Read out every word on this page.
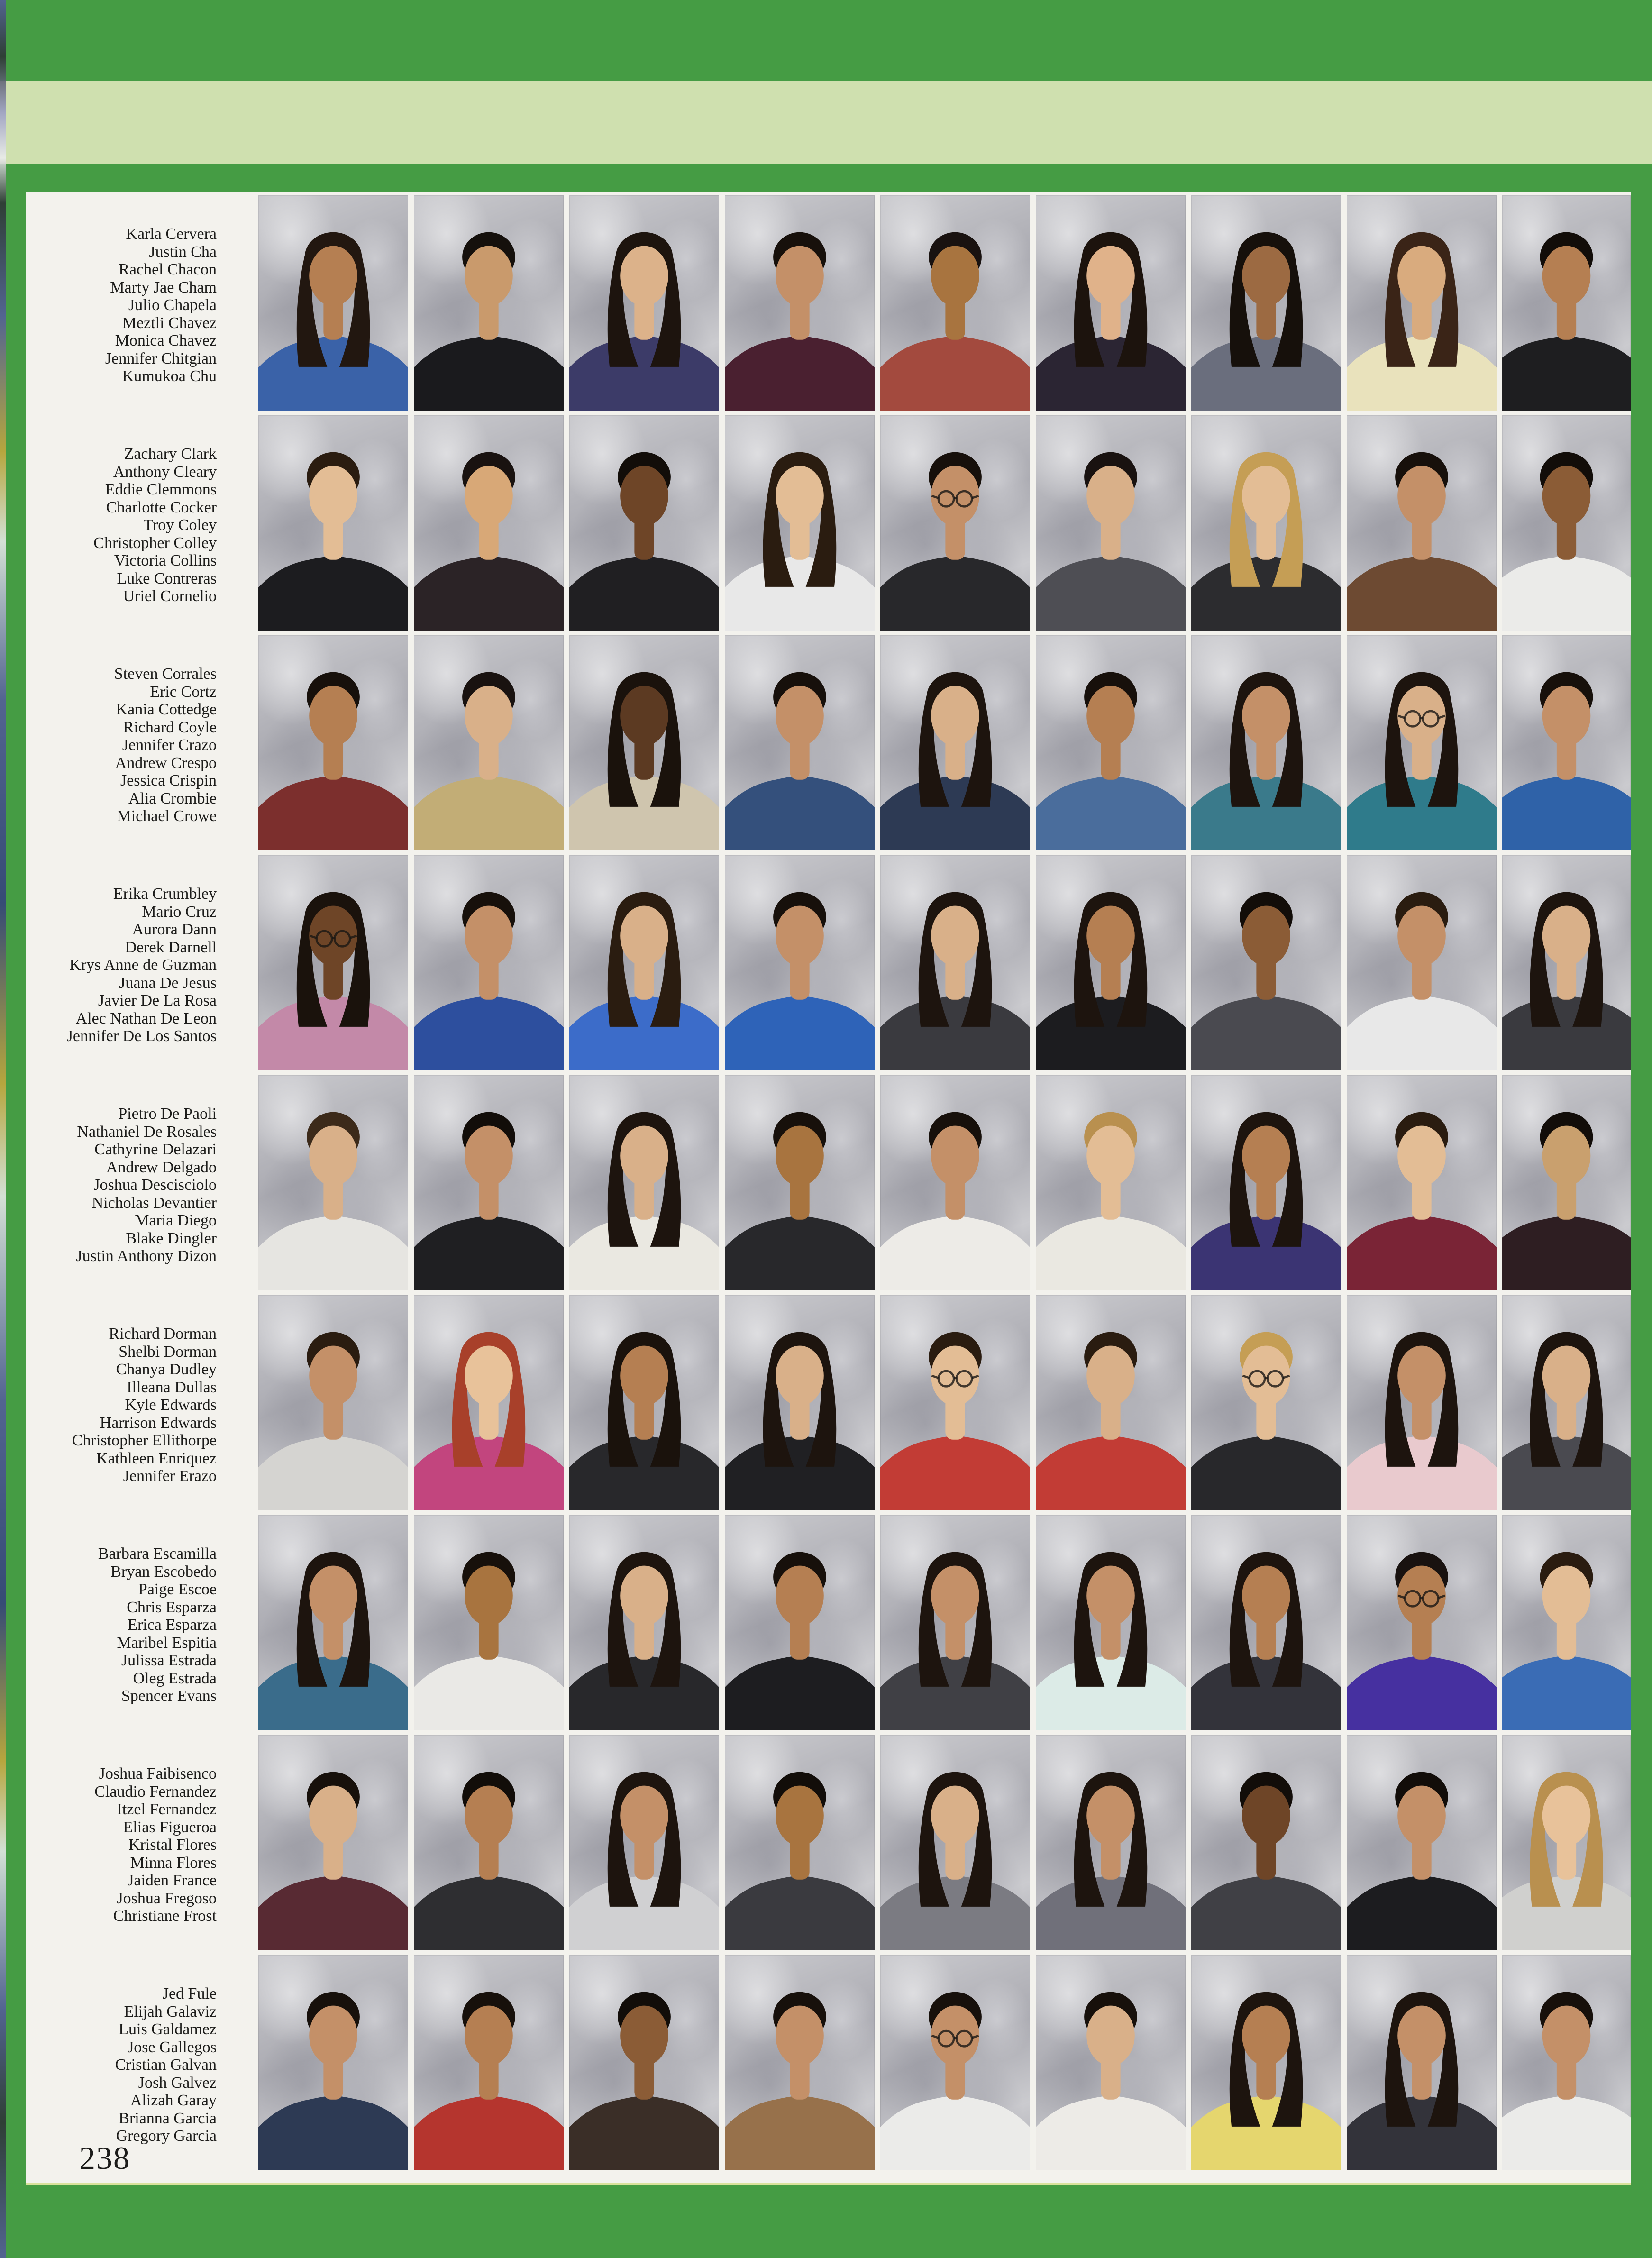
Karla Cervera
Justin Cha
Rachel Chacon
Marty Jae Cham
Julio Chapela
Meztli Chavez
Monica Chavez
Jennifer Chitgian
Kumukoa Chu
Zachary Clark
Anthony Cleary
Eddie Clemmons
Charlotte Cocker
Troy Coley
Christopher Colley
Victoria Collins
Luke Contreras
Uriel Cornelio
Steven Corrales
Eric Cortz
Kania Cottedge
Richard Coyle
Jennifer Crazo
Andrew Crespo
Jessica Crispin
Alia Crombie
Michael Crowe
Erika Crumbley
Mario Cruz
Aurora Dann
Derek Darnell
Krys Anne de Guzman
Juana De Jesus
Javier De La Rosa
Alec Nathan De Leon
Jennifer De Los Santos
Pietro De Paoli
Nathaniel De Rosales
Cathyrine Delazari
Andrew Delgado
Joshua Descisciolo
Nicholas Devantier
Maria Diego
Blake Dingler
Justin Anthony Dizon
Richard Dorman
Shelbi Dorman
Chanya Dudley
Illeana Dullas
Kyle Edwards
Harrison Edwards
Christopher Ellithorpe
Kathleen Enriquez
Jennifer Erazo
Barbara Escamilla
Bryan Escobedo
Paige Escoe
Chris Esparza
Erica Esparza
Maribel Espitia
Julissa Estrada
Oleg Estrada
Spencer Evans
Joshua Faibisenco
Claudio Fernandez
Itzel Fernandez
Elias Figueroa
Kristal Flores
Minna Flores
Jaiden France
Joshua Fregoso
Christiane Frost
Jed Fule
Elijah Galaviz
Luis Galdamez
Jose Gallegos
Cristian Galvan
Josh Galvez
Alizah Garay
Brianna Garcia
Gregory Garcia
238
